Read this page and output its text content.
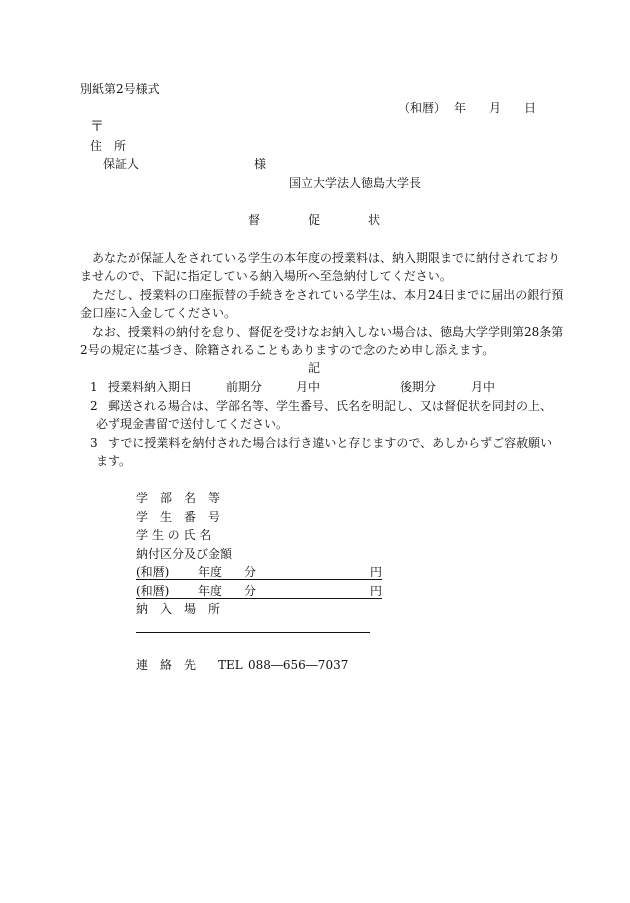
別紙第2号様式
（和暦） 年 月 日
〒
住　所
保証人	様
国立大学法人徳島大学長
督　　　　促　　　　状
　あなたが保証人をされている学生の本年度の授業料は、納入期限までに納付されており
ませんので、下記に指定している納入場所へ至急納付してください。
　ただし、授業料の口座振替の手続きをされている学生は、本月24日までに届出の銀行預
金口座に入金してください。
　なお、授業料の納付を怠り、督促を受けなお納入しない場合は、徳島大学学則第28条第
2号の規定に基づき、除籍されることもありますので念のため申し添えます。
記
1 授業料納入期日	前期分	月中	後期分	月中
2 郵送される場合は、学部名等、学生番号、氏名を明記し、又は督促状を同封の上、
必ず現金書留で送付してください。
3 すでに授業料を納付された場合は行き違いと存じますので、あしからずご容赦願い
ます。
学　部　名　等
学　生　番　号
学 生 の 氏 名
納付区分及び金額
(和暦) 年度 分	円
(和暦) 年度 分	円
納　入　場　所
連　絡　先 TEL 088―656―7037
